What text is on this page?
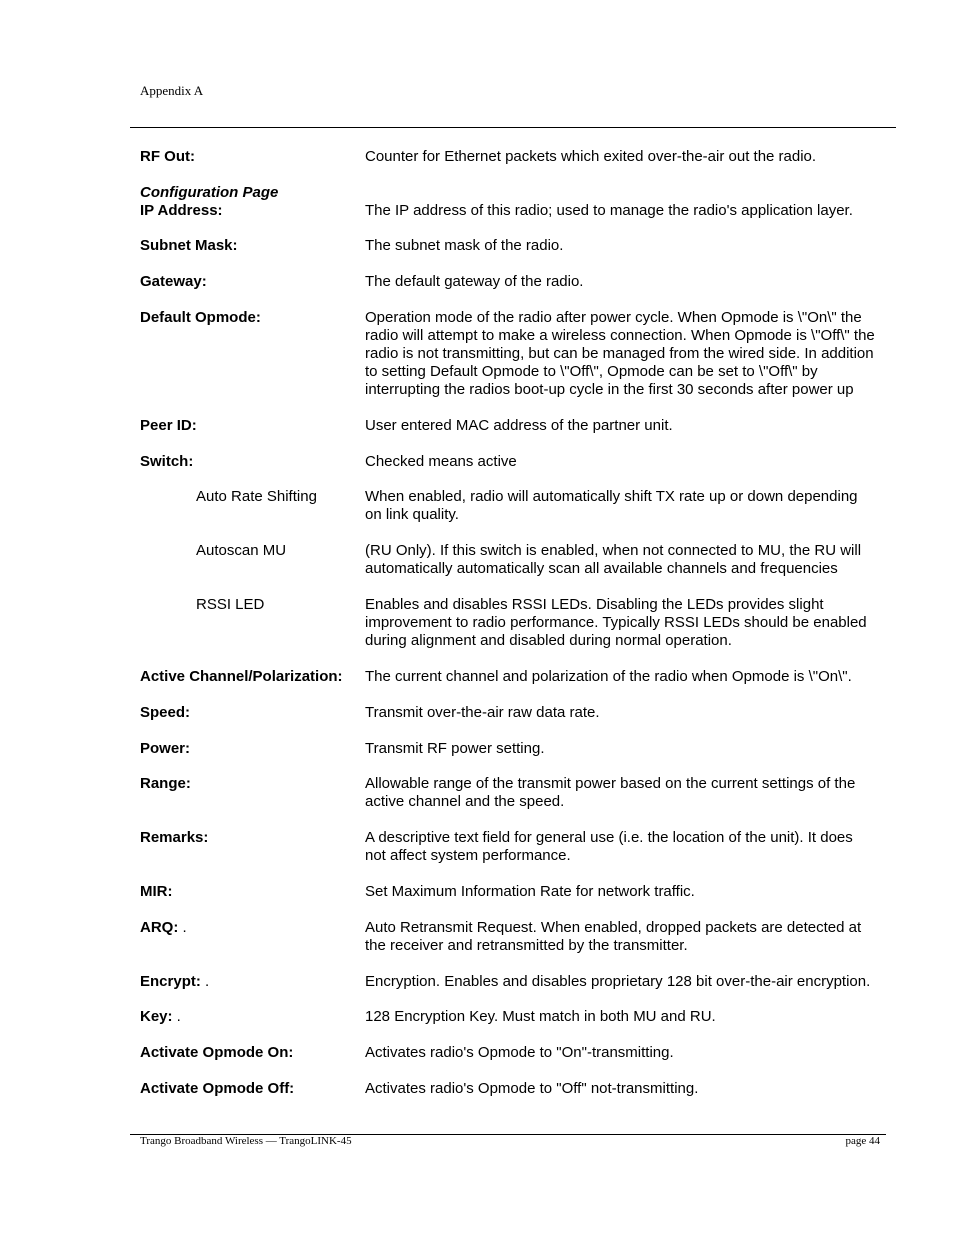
Appendix A
Configuration Page
RF Out:	Counter for Ethernet packets which exited over-the-air out the radio.
IP Address:	The IP address of this radio; used to manage the radio's application layer.
Subnet Mask:	The subnet mask of the radio.
Gateway:	The default gateway of the radio.
Default Opmode:	Operation mode of the radio after power cycle. When Opmode is \"On\" the
radio will attempt to make a wireless connection. When Opmode is \"Off\" the
radio is not transmitting, but can be managed from the wired side. In addition
to setting Default Opmode to \"Off\", Opmode can be set to \"Off\" by
interrupting the radios boot-up cycle in the first 30 seconds after power up
Peer ID:	User entered MAC address of the partner unit.
Switch:	Checked means active
Auto Rate Shifting	When enabled, radio will automatically shift TX rate up or down depending
on link quality.
Autoscan MU	(RU Only). If this switch is enabled, when not connected to MU, the RU will
automatically automatically scan all available channels and frequencies
RSSI LED	Enables and disables RSSI LEDs. Disabling the LEDs provides slight
improvement to radio performance. Typically RSSI LEDs should be enabled
during alignment and disabled during normal operation.
Active Channel/Polarization: The current channel and polarization of the radio when Opmode is \"On\".
Speed:	Transmit over-the-air raw data rate.
Power:	Transmit RF power setting.
Range:	Allowable range of the transmit power based on the current settings of the
active channel and the speed.
Remarks:	A descriptive text field for general use (i.e. the location of the unit). It does
not affect system performance.
MIR:	Set Maximum Information Rate for network traffic.
ARQ: .	Auto Retransmit Request. When enabled, dropped packets are detected at
the receiver and retransmitted by the transmitter.
Encrypt: .	Encryption. Enables and disables proprietary 128 bit over-the-air encryption.
Key: .	128 Encryption Key. Must match in both MU and RU.
Activate Opmode On:	Activates radio's Opmode to "On"-transmitting.
Activate Opmode Off:	Activates radio's Opmode to "Off" not-transmitting.
Trango Broadband Wireless — TrangoLINK-45	page 44
